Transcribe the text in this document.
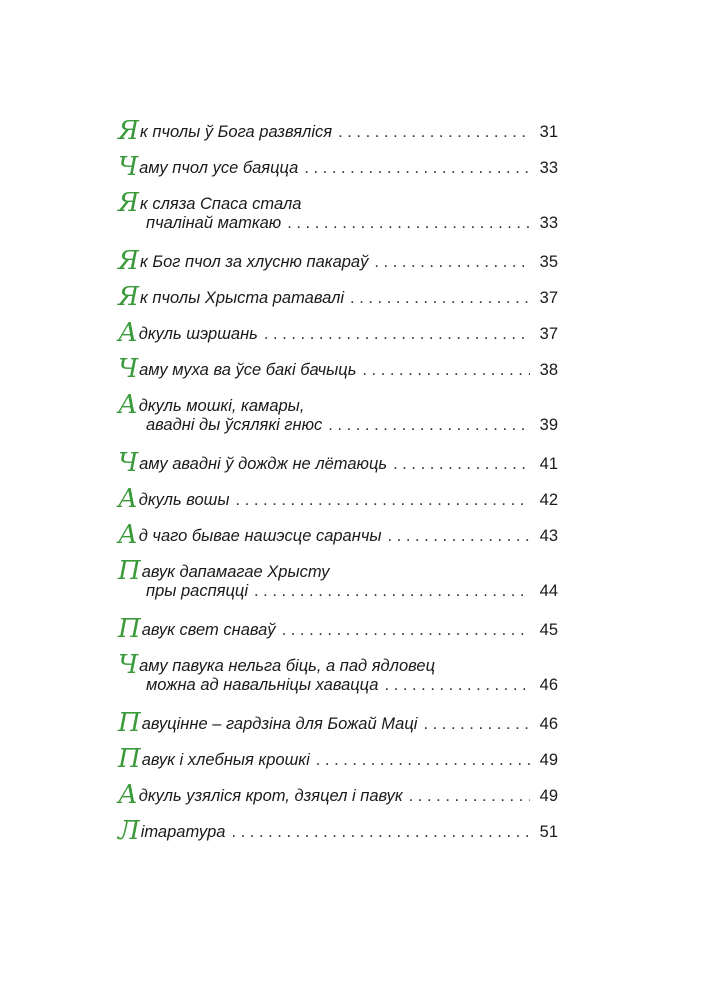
Як пчолы ў Бога развяліся . . .	31
Чаму пчол усе баяцца . . .	33
Як сляза Спаса стала
пчалінай маткаю . . .	33
Як Бог пчол за хлусню пакараў . . .	35
Як пчолы Хрыста ратавалі . . .	37
Адкуль шэршань . . .	37
Чаму муха ва ўсе бакі бачыць . . .	38
Адкуль мошкі, камары,
авадні ды ўсялякі гнюс . . .	39
Чаму авадні ў дождж не лётаюць . . .	41
Адкуль вошы . . .	42
Ад чаго бывае нашэсце саранчы . . .	43
Павук дапамагае Хрысту
пры распяцці . . .	44
Павук свет снаваў . . .	45
Чаму павука нельга біць, а пад ядловец
можна ад навальніцы хавацца . . .	46
Павуцінне – гардзіна для Божай Маці . . .	46
Павук і хлебныя крошкі . . .	49
Адкуль узяліся крот, дзяцел і павук . . .	49
Літаратура . . .	51
